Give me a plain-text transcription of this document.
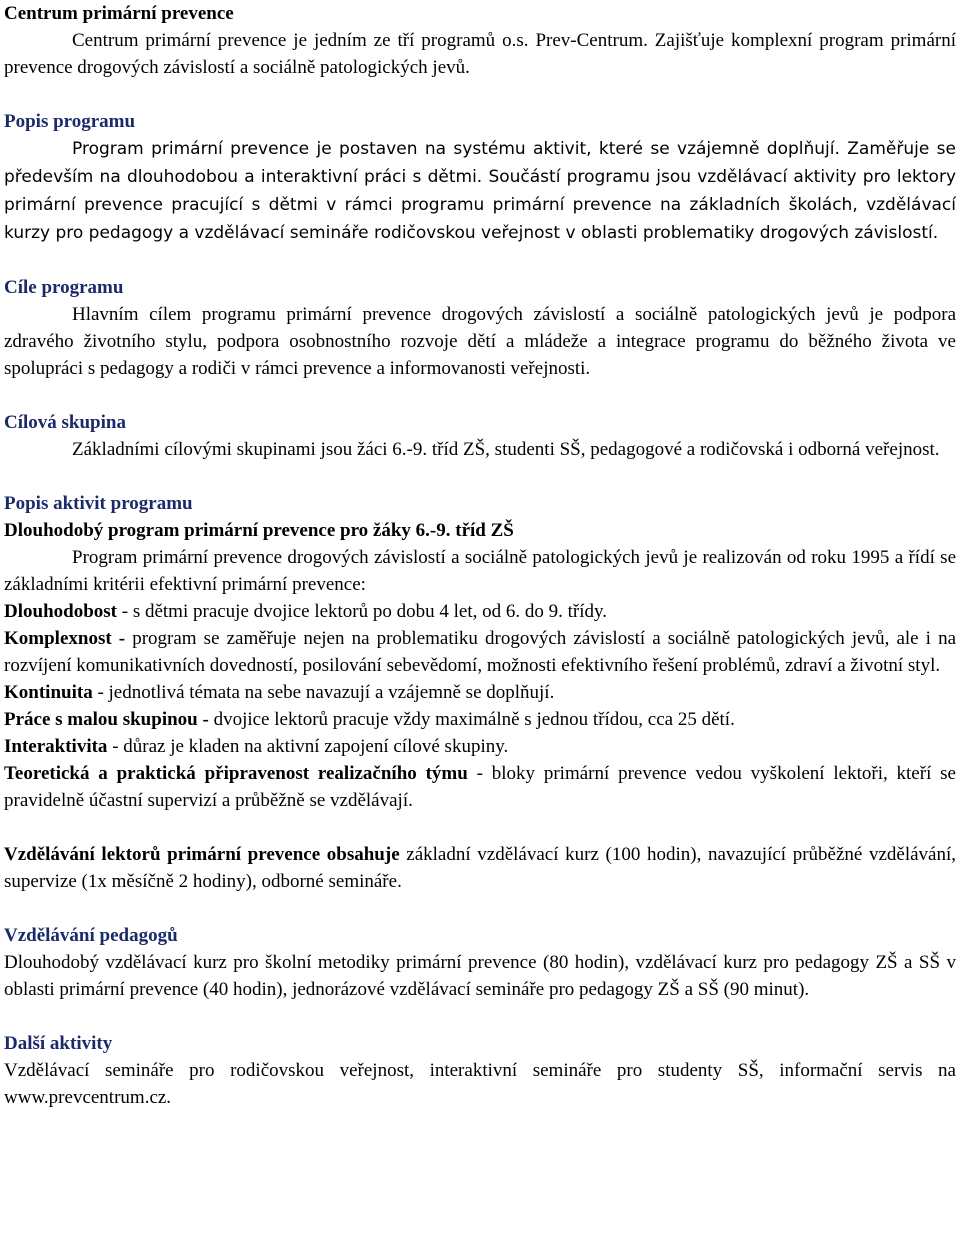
Centrum primární prevence

Centrum primární prevence je jedním ze tří programů o.s. Prev-Centrum. Zajišťuje komplexní program primární prevence drogových závislostí a sociálně patologických jevů.

Popis programu

Program primární prevence je postaven na systému aktivit, které se vzájemně doplňují. Zaměřuje se především na dlouhodobou a interaktivní práci s dětmi. Součástí programu jsou vzdělávací aktivity pro lektory primární prevence pracující s dětmi v rámci programu primární prevence na základních školách, vzdělávací kurzy pro pedagogy a vzdělávací semináře rodičovskou veřejnost v oblasti problematiky drogových závislostí.

Cíle programu

Hlavním cílem programu primární prevence drogových závislostí a sociálně patologických jevů je podpora zdravého životního stylu, podpora osobnostního rozvoje dětí a mládeže a integrace programu do běžného života ve spolupráci s pedagogy a rodiči v rámci prevence a informovanosti veřejnosti.

Cílová skupina

Základními cílovými skupinami jsou žáci 6.-9. tříd ZŠ, studenti SŠ, pedagogové a rodičovská i odborná veřejnost.

Popis aktivit programu
Dlouhodobý program primární prevence pro žáky 6.-9. tříd ZŠ

Program primární prevence drogových závislostí a sociálně patologických jevů je realizován od roku 1995 a řídí se základními kritérii efektivní primární prevence:

Dlouhodobost - s dětmi pracuje dvojice lektorů po dobu 4 let, od 6. do 9. třídy.

Komplexnost - program se zaměřuje nejen na problematiku drogových závislostí a sociálně patologických jevů, ale i na rozvíjení komunikativních dovedností, posilování sebevědomí, možnosti efektivního řešení problémů, zdraví a životní styl.

Kontinuita - jednotlivá témata na sebe navazují a vzájemně se doplňují.

Práce s malou skupinou - dvojice lektorů pracuje vždy maximálně s jednou třídou, cca 25 dětí.

Interaktivita - důraz je kladen na aktivní zapojení cílové skupiny.

Teoretická a praktická připravenost realizačního týmu - bloky primární prevence vedou vyškolení lektoři, kteří se pravidelně účastní supervizí a průběžně se vzdělávají.

Vzdělávání lektorů primární prevence obsahuje základní vzdělávací kurz (100 hodin), navazující průběžné vzdělávání, supervize (1x měsíčně 2 hodiny), odborné semináře.

Vzdělávání pedagogů

Dlouhodobý vzdělávací kurz pro školní metodiky primární prevence (80 hodin), vzdělávací kurz pro pedagogy ZŠ a SŠ v oblasti primární prevence (40 hodin), jednorázové vzdělávací semináře pro pedagogy ZŠ a SŠ (90 minut).

Další aktivity

Vzdělávací semináře pro rodičovskou veřejnost, interaktivní semináře pro studenty SŠ, informační servis na www.prevcentrum.cz.
